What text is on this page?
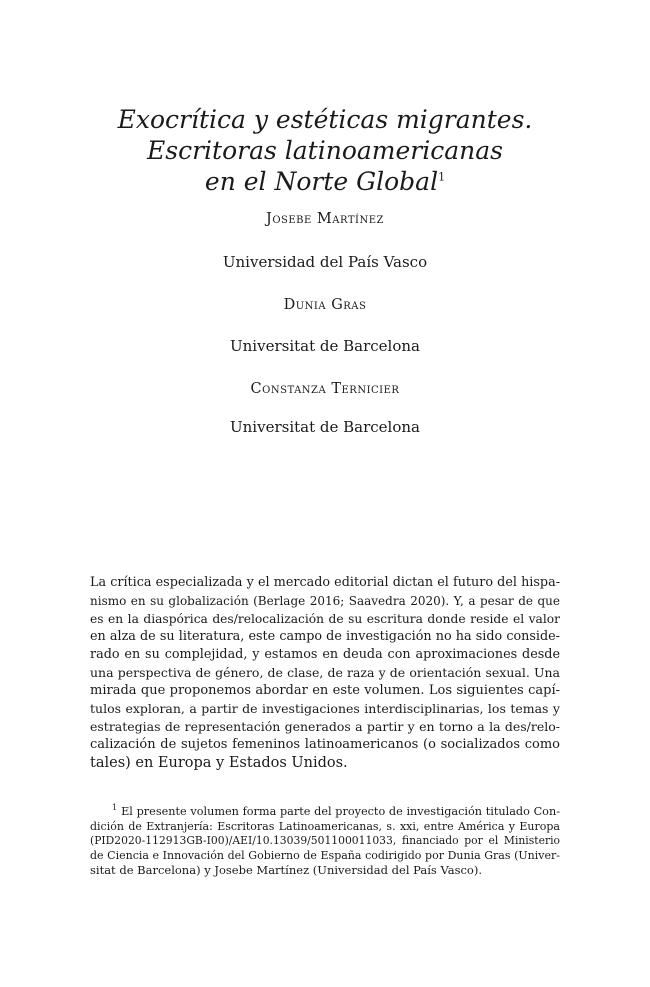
Exocrítica y estéticas migrantes.
Escritoras latinoamericanas
en el Norte Global$^1$
Josebe Martínez
Universidad del País Vasco
Dunia Gras
Universitat de Barcelona
Constanza Ternicier
Universitat de Barcelona
La crítica especializada y el mercado editorial dictan el futuro del hispa-
nismo en su globalización (Berlage 2016; Saavedra 2020). Y, a pesar de que
es en la diaspórica des/relocalización de su escritura donde reside el valor
en alza de su literatura, este campo de investigación no ha sido conside-
rado en su complejidad, y estamos en deuda con aproximaciones desde
una perspectiva de género, de clase, de raza y de orientación sexual. Una
mirada que proponemos abordar en este volumen. Los siguientes capí-
tulos exploran, a partir de investigaciones interdisciplinarias, los temas y
estrategias de representación generados a partir y en torno a la des/relo-
calización de sujetos femeninos latinoamericanos (o socializados como
tales) en Europa y Estados Unidos.
$^1$ El presente volumen forma parte del proyecto de investigación titulado Con-
dición de Extranjería: Escritoras Latinoamericanas, s. xxi, entre América y Europa
(PID2020-112913GB-I00)/AEI/10.13039/501100011033, financiado por el Ministerio
de Ciencia e Innovación del Gobierno de España codirigido por Dunia Gras (Univer-
sitat de Barcelona) y Josebe Martínez (Universidad del País Vasco).
